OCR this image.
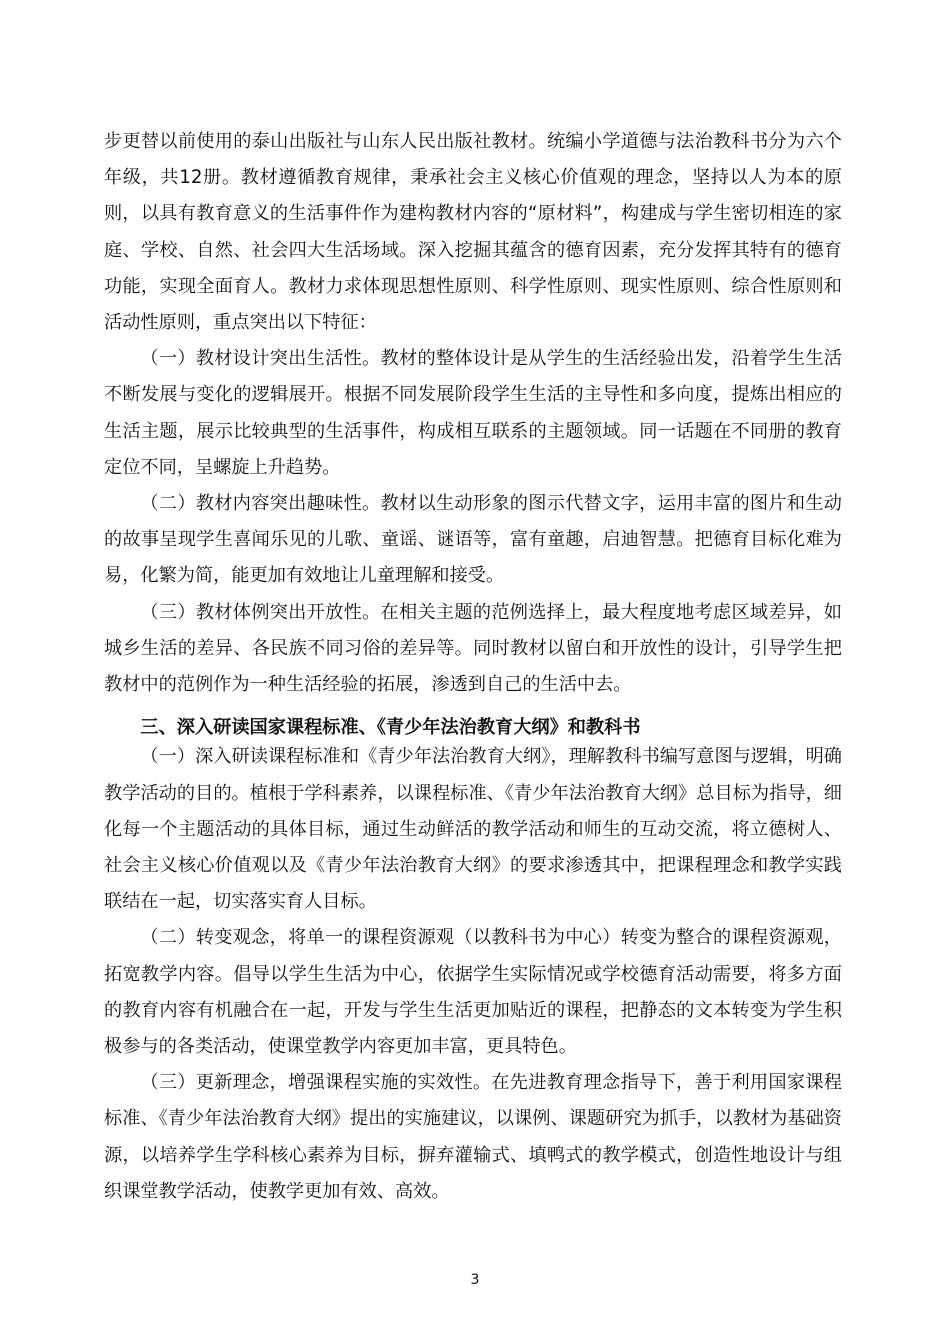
步更替以前使用的泰山出版社与山东人民出版社教材。统编小学道德与法治教科书分为六个年级，共12册。教材遵循教育规律，秉承社会主义核心价值观的理念，坚持以人为本的原则，以具有教育意义的生活事件作为建构教材内容的“原材料”，构建成与学生密切相连的家庭、学校、自然、社会四大生活场域。深入挖掘其蕴含的德育因素，充分发挥其特有的德育功能，实现全面育人。教材力求体现思想性原则、科学性原则、现实性原则、综合性原则和活动性原则，重点突出以下特征：

（一）教材设计突出生活性。教材的整体设计是从学生的生活经验出发，沿着学生生活不断发展与变化的逻辑展开。根据不同发展阶段学生生活的主导性和多向度，提炼出相应的生活主题，展示比较典型的生活事件，构成相互联系的主题领域。同一话题在不同册的教育定位不同，呈螺旋上升趋势。

（二）教材内容突出趣味性。教材以生动形象的图示代替文字，运用丰富的图片和生动的故事呈现学生喜闻乐见的儿歌、童谣、谜语等，富有童趣，启迪智慧。把德育目标化难为易，化繁为简，能更加有效地让儿童理解和接受。

（三）教材体例突出开放性。在相关主题的范例选择上，最大程度地考虑区域差异，如城乡生活的差异、各民族不同习俗的差异等。同时教材以留白和开放性的设计，引导学生把教材中的范例作为一种生活经验的拓展，渗透到自己的生活中去。

三、深入研读国家课程标准、《青少年法治教育大纲》和教科书

（一）深入研读课程标准和《青少年法治教育大纲》，理解教科书编写意图与逻辑，明确教学活动的目的。植根于学科素养，以课程标准、《青少年法治教育大纲》总目标为指导，细化每一个主题活动的具体目标，通过生动鲜活的教学活动和师生的互动交流，将立德树人、社会主义核心价值观以及《青少年法治教育大纲》的要求渗透其中，把课程理念和教学实践联结在一起，切实落实育人目标。

（二）转变观念，将单一的课程资源观（以教科书为中心）转变为整合的课程资源观，拓宽教学内容。倡导以学生生活为中心，依据学生实际情况或学校德育活动需要，将多方面的教育内容有机融合在一起，开发与学生生活更加贴近的课程，把静态的文本转变为学生积极参与的各类活动，使课堂教学内容更加丰富，更具特色。

（三）更新理念，增强课程实施的实效性。在先进教育理念指导下，善于利用国家课程标准、《青少年法治教育大纲》提出的实施建议，以课例、课题研究为抓手，以教材为基础资源，以培养学生学科核心素养为目标，摒弃灌输式、填鸭式的教学模式，创造性地设计与组织课堂教学活动，使教学更加有效、高效。

3
